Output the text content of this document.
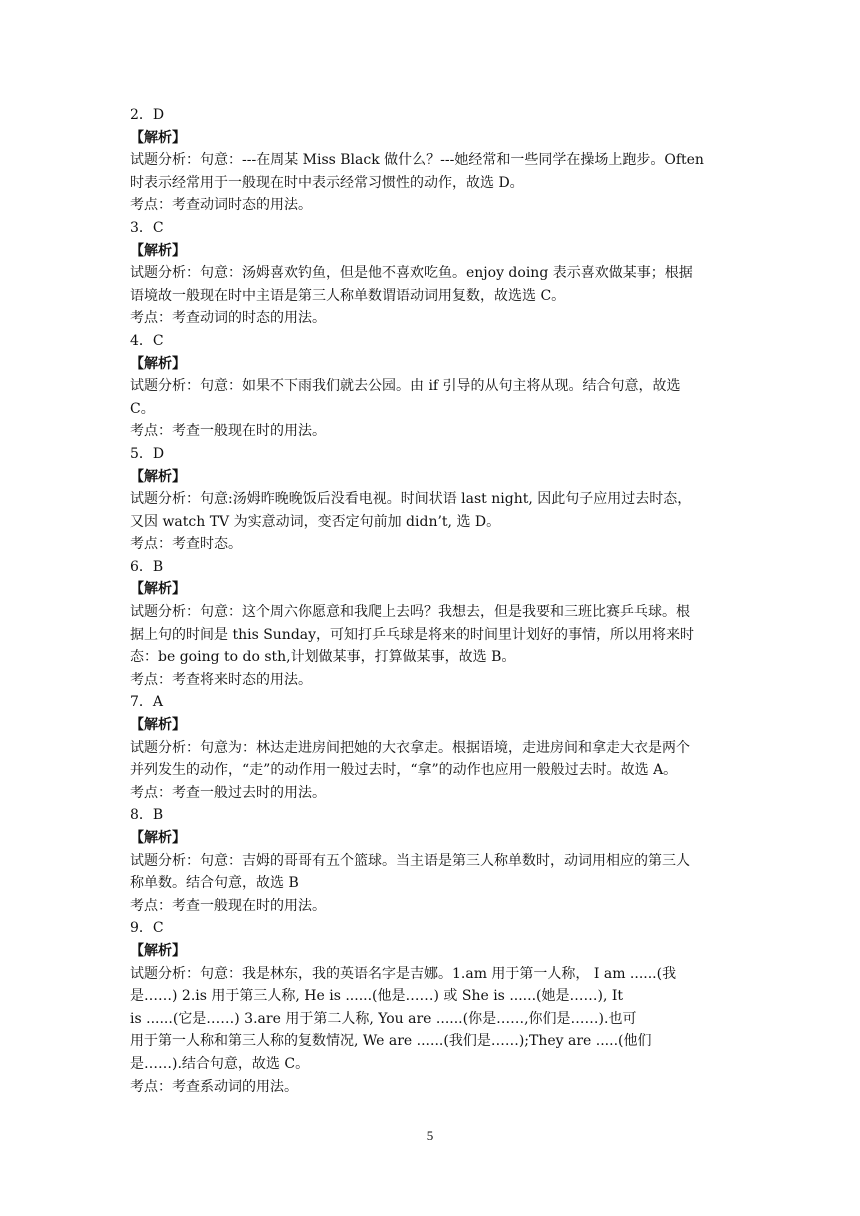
2．D
【解析】
试题分析：句意：---在周某 Miss Black 做什么？---她经常和一些同学在操场上跑步。Often
时表示经常用于一般现在时中表示经常习惯性的动作，故选 D。
考点：考查动词时态的用法。
3．C
【解析】
试题分析：句意：汤姆喜欢钓鱼，但是他不喜欢吃鱼。enjoy doing 表示喜欢做某事；根据
语境故一般现在时中主语是第三人称单数谓语动词用复数，故选选 C。
考点：考查动词的时态的用法。
4．C
【解析】
试题分析：句意：如果不下雨我们就去公园。由 if 引导的从句主将从现。结合句意，故选
C。
考点：考查一般现在时的用法。
5．D
【解析】
试题分析：句意:汤姆昨晚晚饭后没看电视。时间状语 last night, 因此句子应用过去时态，
又因 watch TV 为实意动词，变否定句前加 didn’t, 选 D。
考点：考查时态。
6．B
【解析】
试题分析：句意：这个周六你愿意和我爬上去吗？我想去，但是我要和三班比赛乒乓球。根
据上句的时间是 this Sunday，可知打乒乓球是将来的时间里计划好的事情，所以用将来时
态：be going to do sth,计划做某事，打算做某事，故选 B。
考点：考查将来时态的用法。
7．A
【解析】
试题分析：句意为：林达走进房间把她的大衣拿走。根据语境，走进房间和拿走大衣是两个
并列发生的动作，“走”的动作用一般过去时，“拿”的动作也应用一般般过去时。故选 A。
考点：考查一般过去时的用法。
8．B
【解析】
试题分析：句意：吉姆的哥哥有五个篮球。当主语是第三人称单数时，动词用相应的第三人
称单数。结合句意，故选 B
考点：考查一般现在时的用法。
9．C
【解析】
试题分析：句意：我是林东，我的英语名字是吉娜。1.am 用于第一人称， I am ......(我
是……) 2.is 用于第三人称, He is ......(他是……) 或 She is ......(她是……), It
is ......(它是……) 3.are 用于第二人称, You are ......(你是……,你们是……).也可
用于第一人称和第三人称的复数情况, We are ......(我们是……);They are .....(他们
是……).结合句意，故选 C。
考点：考查系动词的用法。
5
